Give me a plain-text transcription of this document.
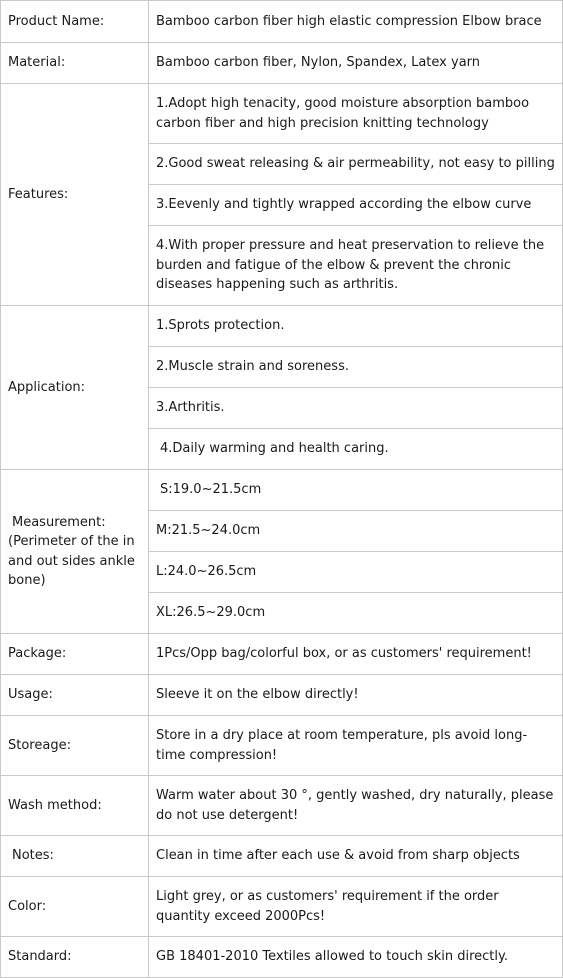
Product Name:	Bamboo carbon fiber high elastic compression Elbow brace
Material:	Bamboo carbon fiber, Nylon, Spandex, Latex yarn
Features:	1.Adopt high tenacity, good moisture absorption bamboo carbon fiber and high precision knitting technology
	2.Good sweat releasing & air permeability, not easy to pilling
	3.Eevenly and tightly wrapped according the elbow curve
	4.With proper pressure and heat preservation to relieve the burden and fatigue of the elbow & prevent the chronic diseases happening such as arthritis.
Application:	1.Sprots protection.
	2.Muscle strain and soreness.
	3.Arthritis.
	4.Daily warming and health caring.
Measurement:
(Perimeter of the in and out sides ankle bone)	S:19.0~21.5cm
	M:21.5~24.0cm
	L:24.0~26.5cm
	XL:26.5~29.0cm
Package:	1Pcs/Opp bag/colorful box, or as customers' requirement!
Usage:	Sleeve it on the elbow directly!
Storeage:	Store in a dry place at room temperature, pls avoid long-time compression!
Wash method:	Warm water about 30 °, gently washed, dry naturally, please do not use detergent!
Notes:	Clean in time after each use & avoid from sharp objects
Color:	Light grey, or as customers' requirement if the order quantity exceed 2000Pcs!
Standard:	GB 18401-2010 Textiles allowed to touch skin directly.
